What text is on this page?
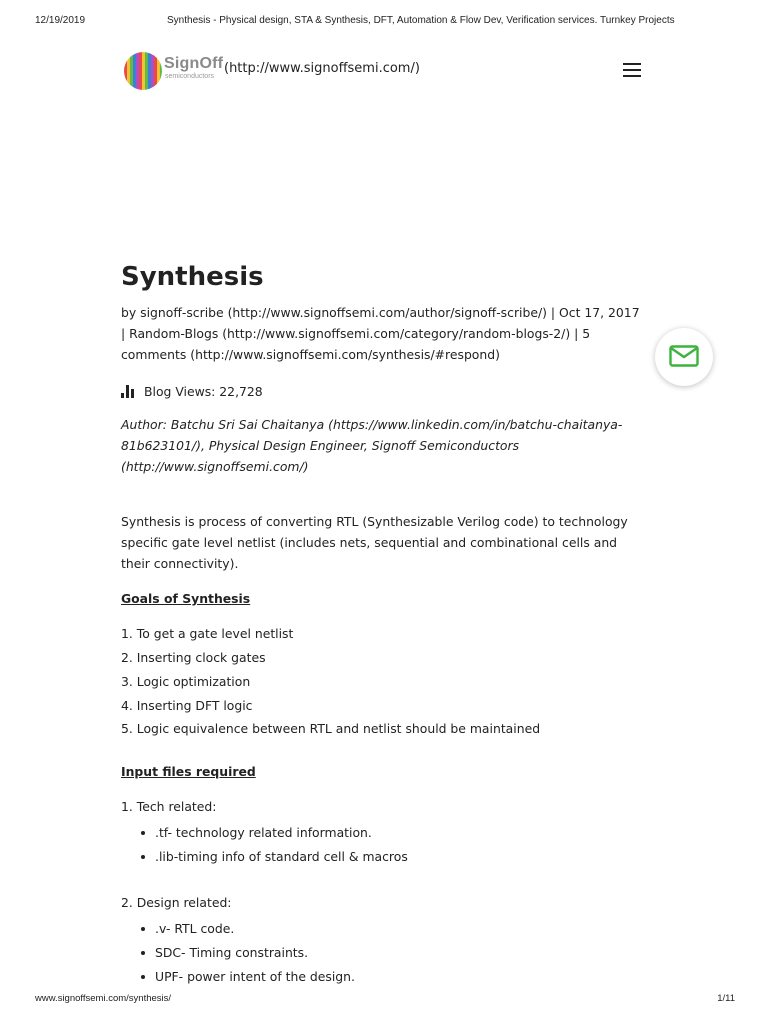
12/19/2019	Synthesis - Physical design, STA & Synthesis, DFT, Automation & Flow Dev, Verification services. Turnkey Projects
SignOff
semiconductors
(http://www.signoffsemi.com/)
Synthesis
by signoff-scribe (http://www.signoffsemi.com/author/signoff-scribe/) | Oct 17, 2017 | Random-Blogs (http://www.signoffsemi.com/category/random-blogs-2/) | 5 comments (http://www.signoffsemi.com/synthesis/#respond)
Blog Views: 22,728
Author: Batchu Sri Sai Chaitanya (https://www.linkedin.com/in/batchu-chaitanya-81b623101/), Physical Design Engineer, Signoff Semiconductors (http://www.signoffsemi.com/)
Synthesis is process of converting RTL (Synthesizable Verilog code) to technology specific gate level netlist (includes nets, sequential and combinational cells and their connectivity).
Goals of Synthesis
1. To get a gate level netlist
2. Inserting clock gates
3. Logic optimization
4. Inserting DFT logic
5. Logic equivalence between RTL and netlist should be maintained
Input files required
1. Tech related:
.tf- technology related information.
.lib-timing info of standard cell & macros
2. Design related:
.v- RTL code.
SDC- Timing constraints.
UPF- power intent of the design.
www.signoffsemi.com/synthesis/	1/11
